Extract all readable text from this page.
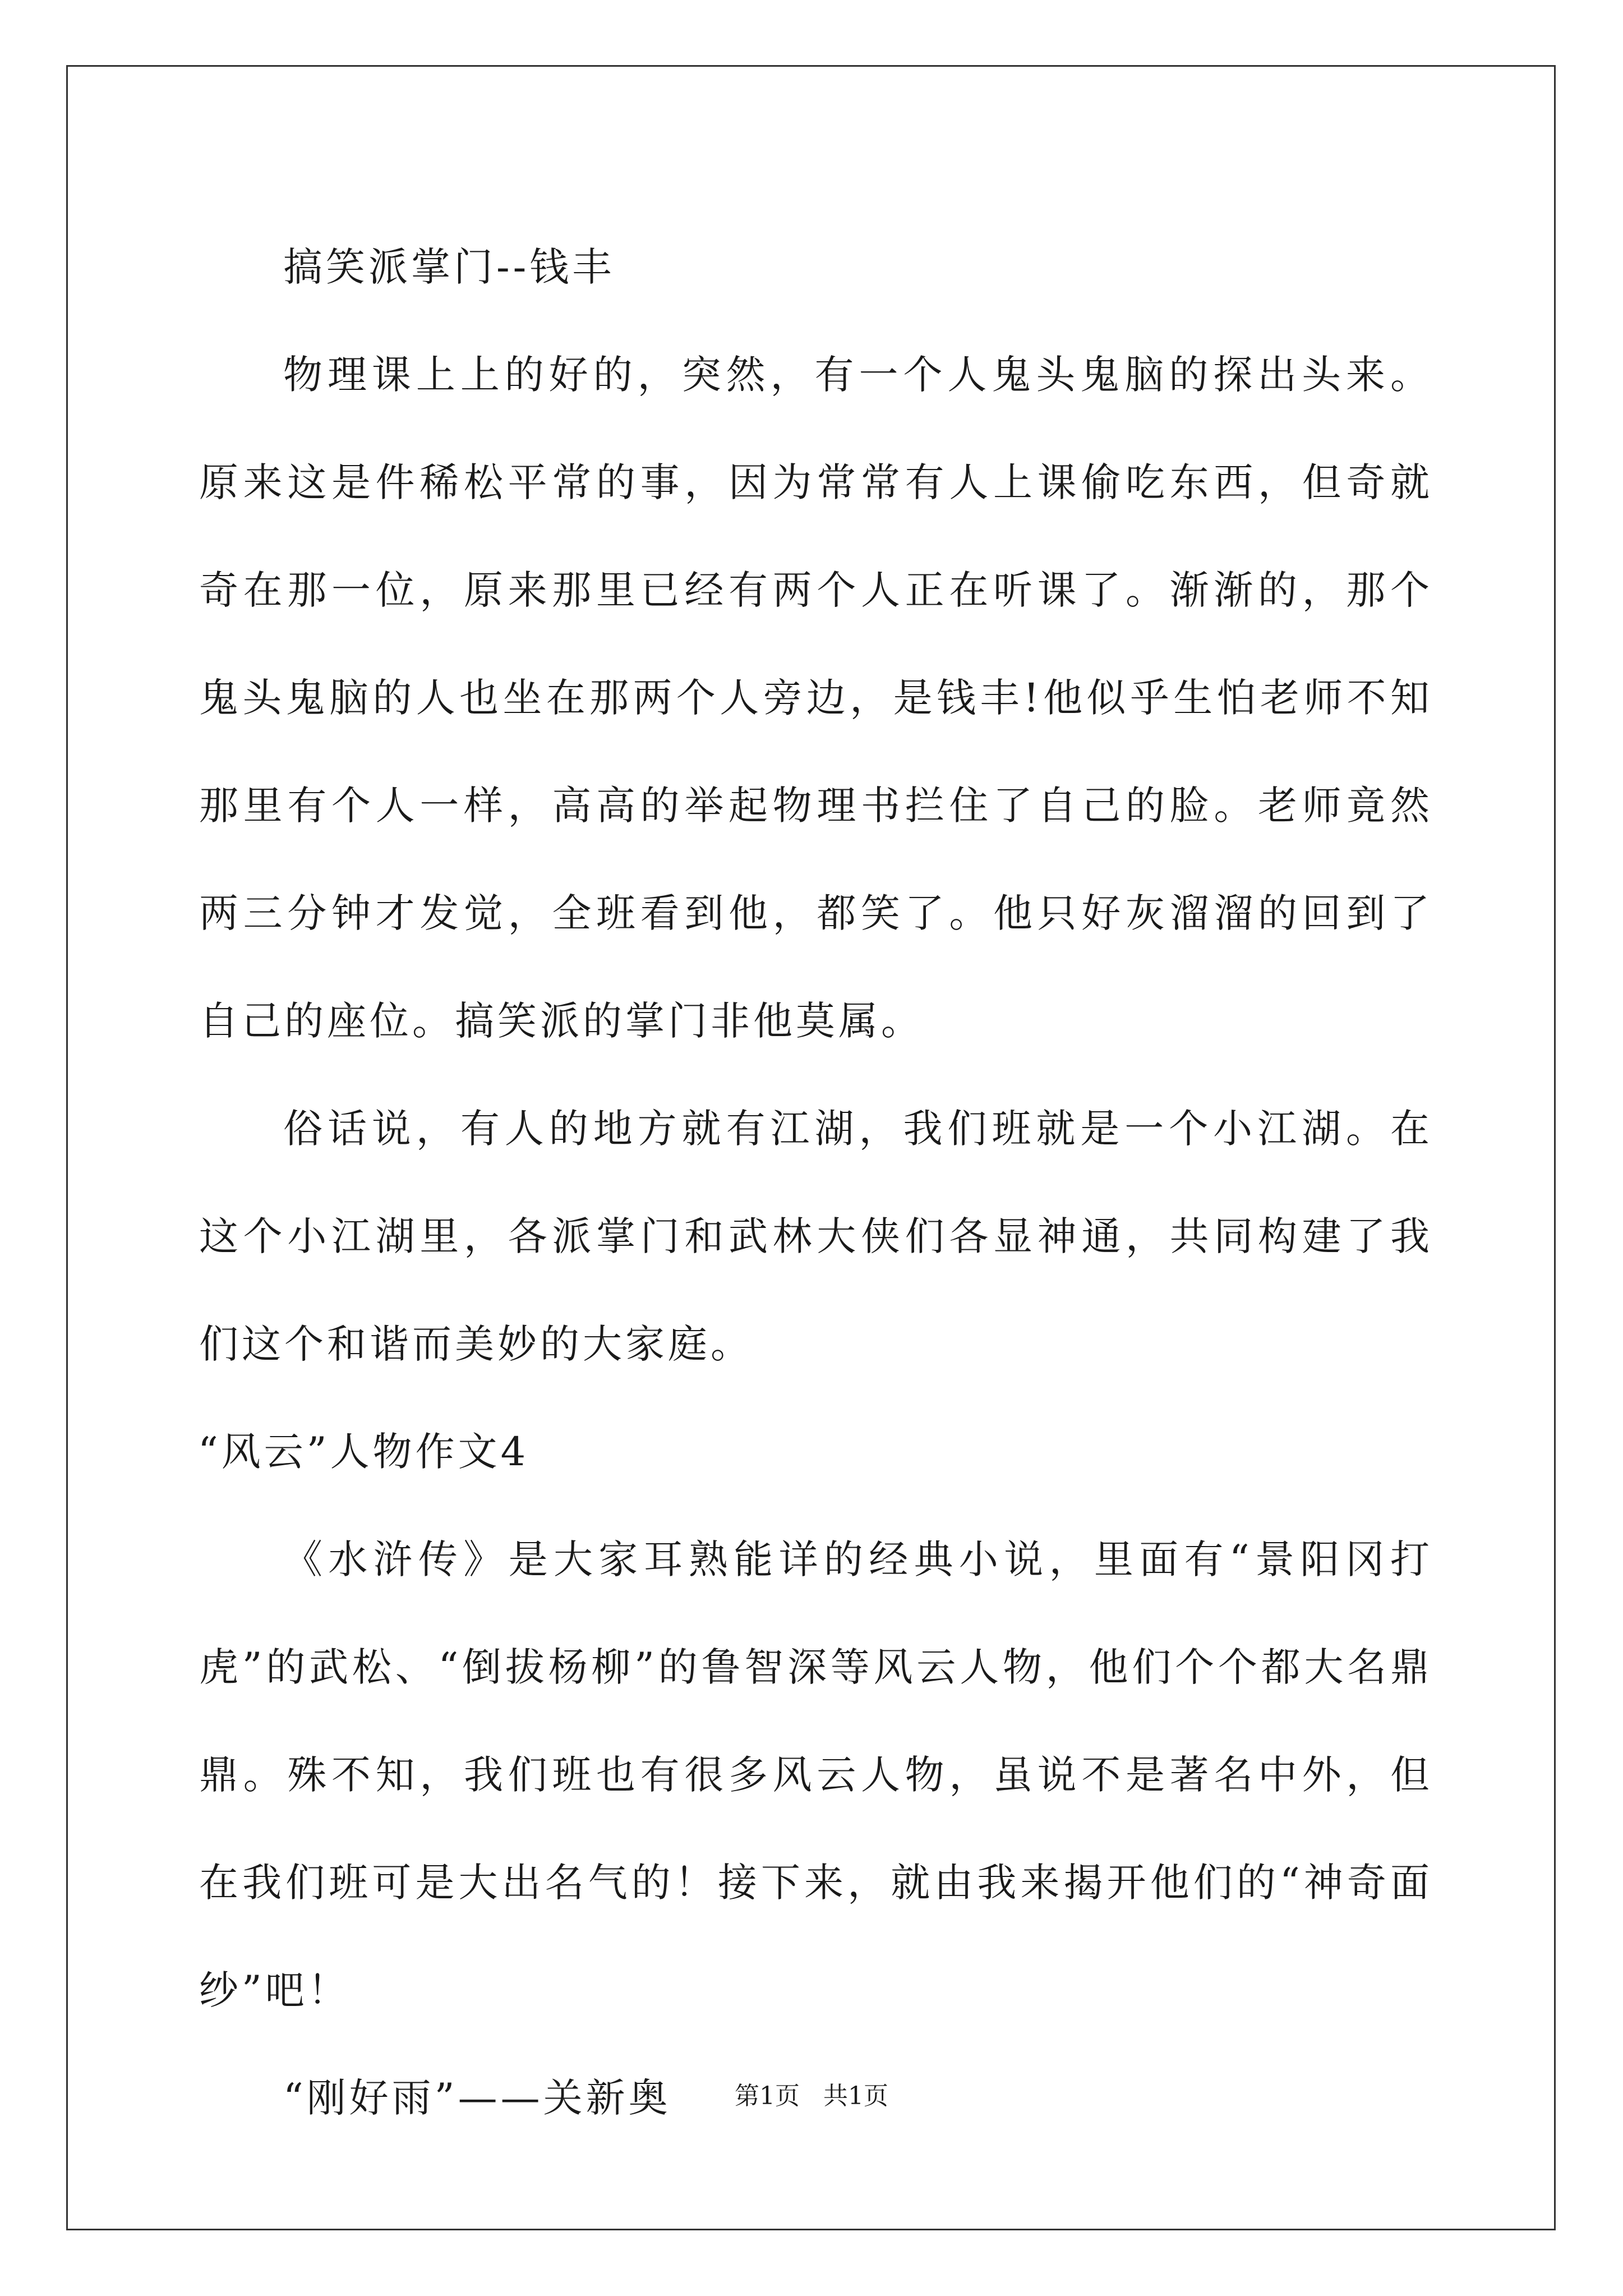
搞笑派掌门--钱丰

物理课上上的好的，突然，有一个人鬼头鬼脑的探出头来。原来这是件稀松平常的事，因为常常有人上课偷吃东西，但奇就奇在那一位，原来那里已经有两个人正在听课了。渐渐的，那个鬼头鬼脑的人也坐在那两个人旁边，是钱丰!他似乎生怕老师不知那里有个人一样，高高的举起物理书拦住了自己的脸。老师竟然两三分钟才发觉，全班看到他，都笑了。他只好灰溜溜的回到了自己的座位。搞笑派的掌门非他莫属。

俗话说，有人的地方就有江湖，我们班就是一个小江湖。在这个小江湖里，各派掌门和武林大侠们各显神通，共同构建了我们这个和谐而美妙的大家庭。

“风云”人物作文4

《水浒传》是大家耳熟能详的经典小说，里面有“景阳冈打虎”的武松、“倒拔杨柳”的鲁智深等风云人物，他们个个都大名鼎鼎。殊不知，我们班也有很多风云人物，虽说不是著名中外，但在我们班可是大出名气的！接下来，就由我来揭开他们的“神奇面纱”吧！

“刚好雨”——关新奥	第1页 共1页
